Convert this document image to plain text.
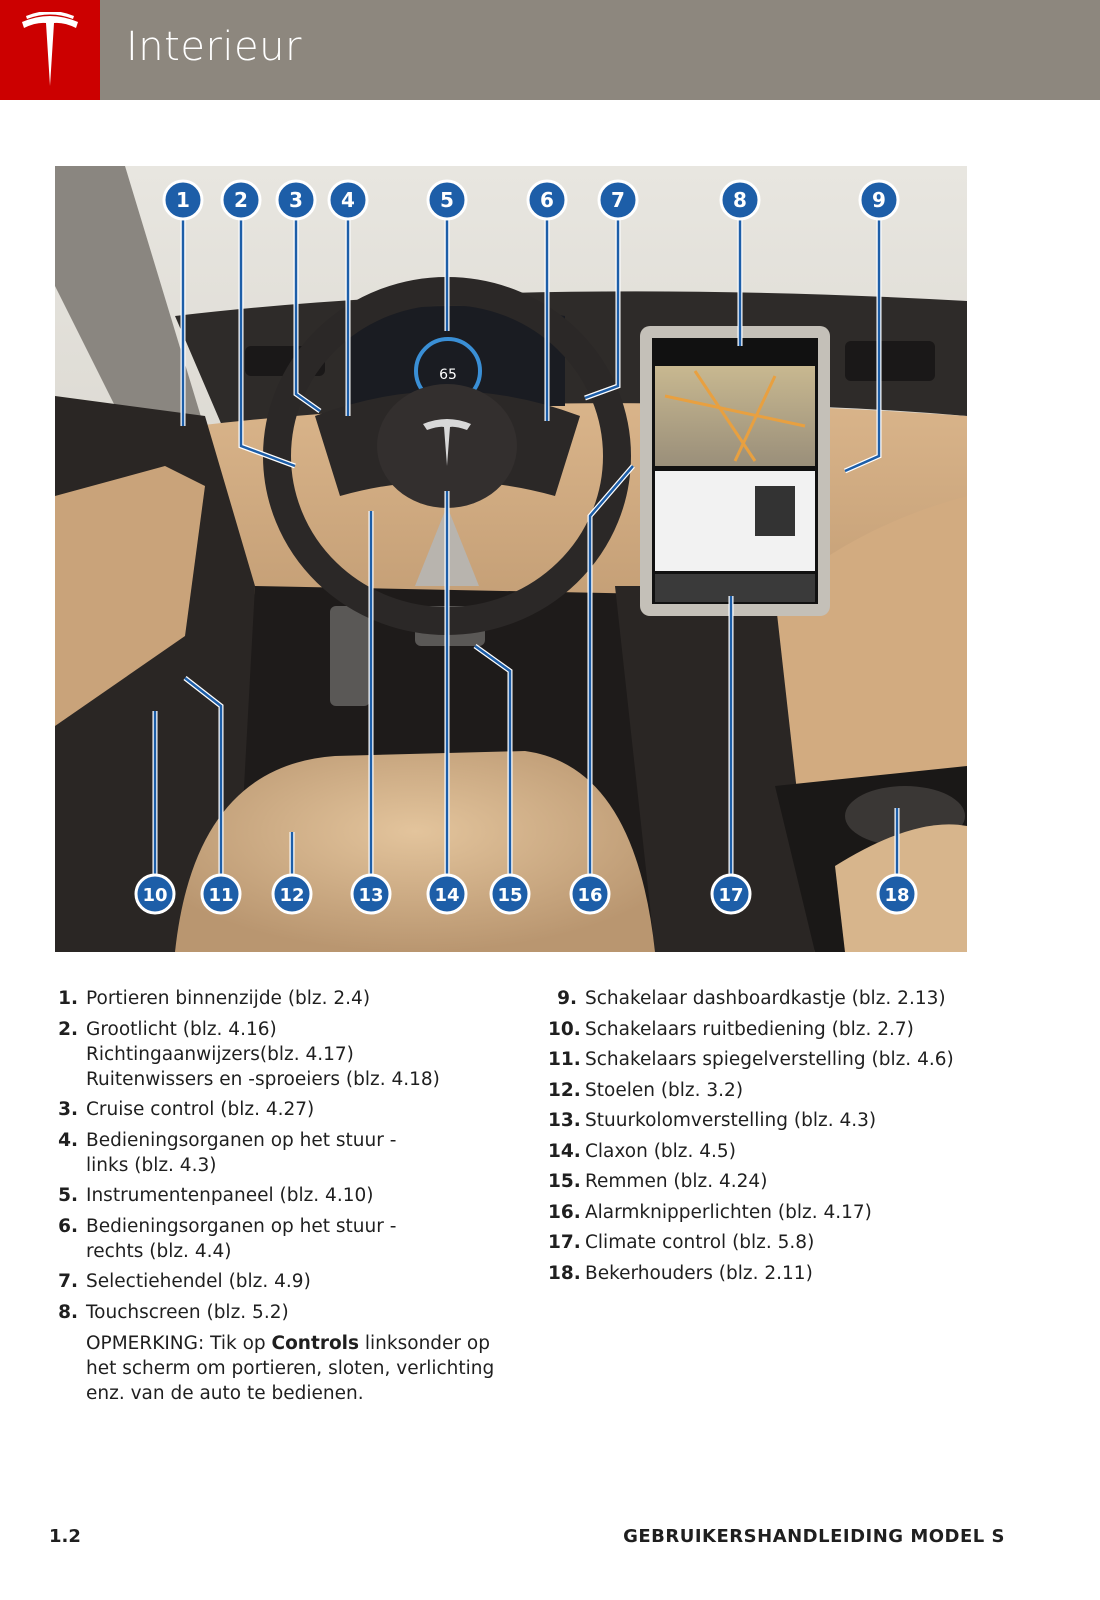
Interieur
65
1 2 3 4	5	6	7	8	9
10 11	12	13	14 15	16	17	18
1. Portieren binnenzijde (blz. 2.4)
2. Grootlicht (blz. 4.16)
Richtingaanwijzers(blz. 4.17)
Ruitenwissers en -sproeiers (blz. 4.18)
3. Cruise control (blz. 4.27)
4. Bedieningsorganen op het stuur -
links (blz. 4.3)
5. Instrumentenpaneel (blz. 4.10)
6. Bedieningsorganen op het stuur -
rechts (blz. 4.4)
7. Selectiehendel (blz. 4.9)
8. Touchscreen (blz. 5.2)
OPMERKING: Tik op Controls linksonder op
het scherm om portieren, sloten, verlichting
enz. van de auto te bedienen.
9. Schakelaar dashboardkastje (blz. 2.13)
10. Schakelaars ruitbediening (blz. 2.7)
11. Schakelaars spiegelverstelling (blz. 4.6)
12. Stoelen (blz. 3.2)
13. Stuurkolomverstelling (blz. 4.3)
14. Claxon (blz. 4.5)
15. Remmen (blz. 4.24)
16. Alarmknipperlichten (blz. 4.17)
17. Climate control (blz. 5.8)
18. Bekerhouders (blz. 2.11)
1.2	GEBRUIKERSHANDLEIDING MODEL S
